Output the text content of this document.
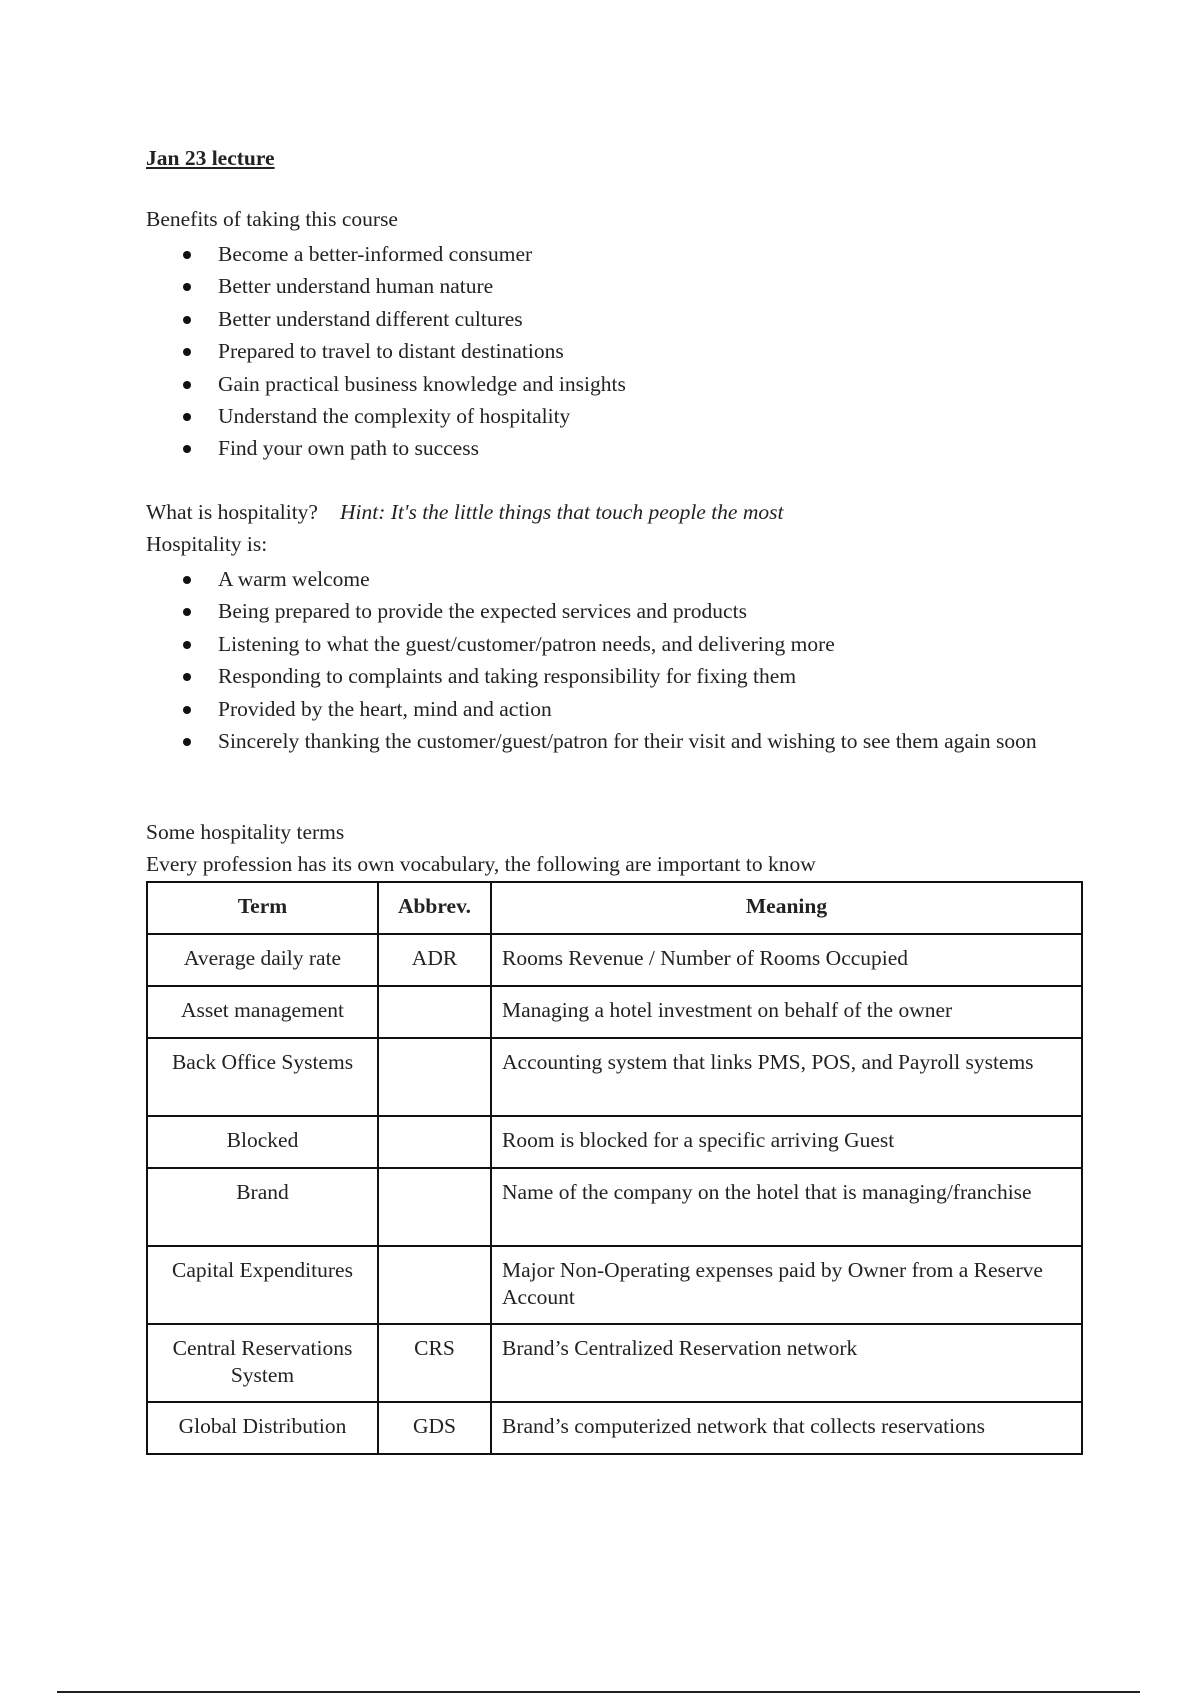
Jan 23 lecture
Benefits of taking this course
Become a better-informed consumer
Better understand human nature
Better understand different cultures
Prepared to travel to distant destinations
Gain practical business knowledge and insights
Understand the complexity of hospitality
Find your own path to success
What is hospitality? Hint: It's the little things that touch people the most
Hospitality is:
A warm welcome
Being prepared to provide the expected services and products
Listening to what the guest/customer/patron needs, and delivering more
Responding to complaints and taking responsibility for fixing them
Provided by the heart, mind and action
Sincerely thanking the customer/guest/patron for their visit and wishing to see them again soon
Some hospitality terms
Every profession has its own vocabulary, the following are important to know
Term	Abbrev.	Meaning
Average daily rate	ADR	Rooms Revenue / Number of Rooms Occupied
Asset management		Managing a hotel investment on behalf of the owner
Back Office Systems		Accounting system that links PMS, POS, and Payroll systems
Blocked		Room is blocked for a specific arriving Guest
Brand		Name of the company on the hotel that is managing/franchise
Capital Expenditures		Major Non-Operating expenses paid by Owner from a Reserve Account
Central Reservations System	CRS	Brand’s Centralized Reservation network
Global Distribution	GDS	Brand’s computerized network that collects reservations
